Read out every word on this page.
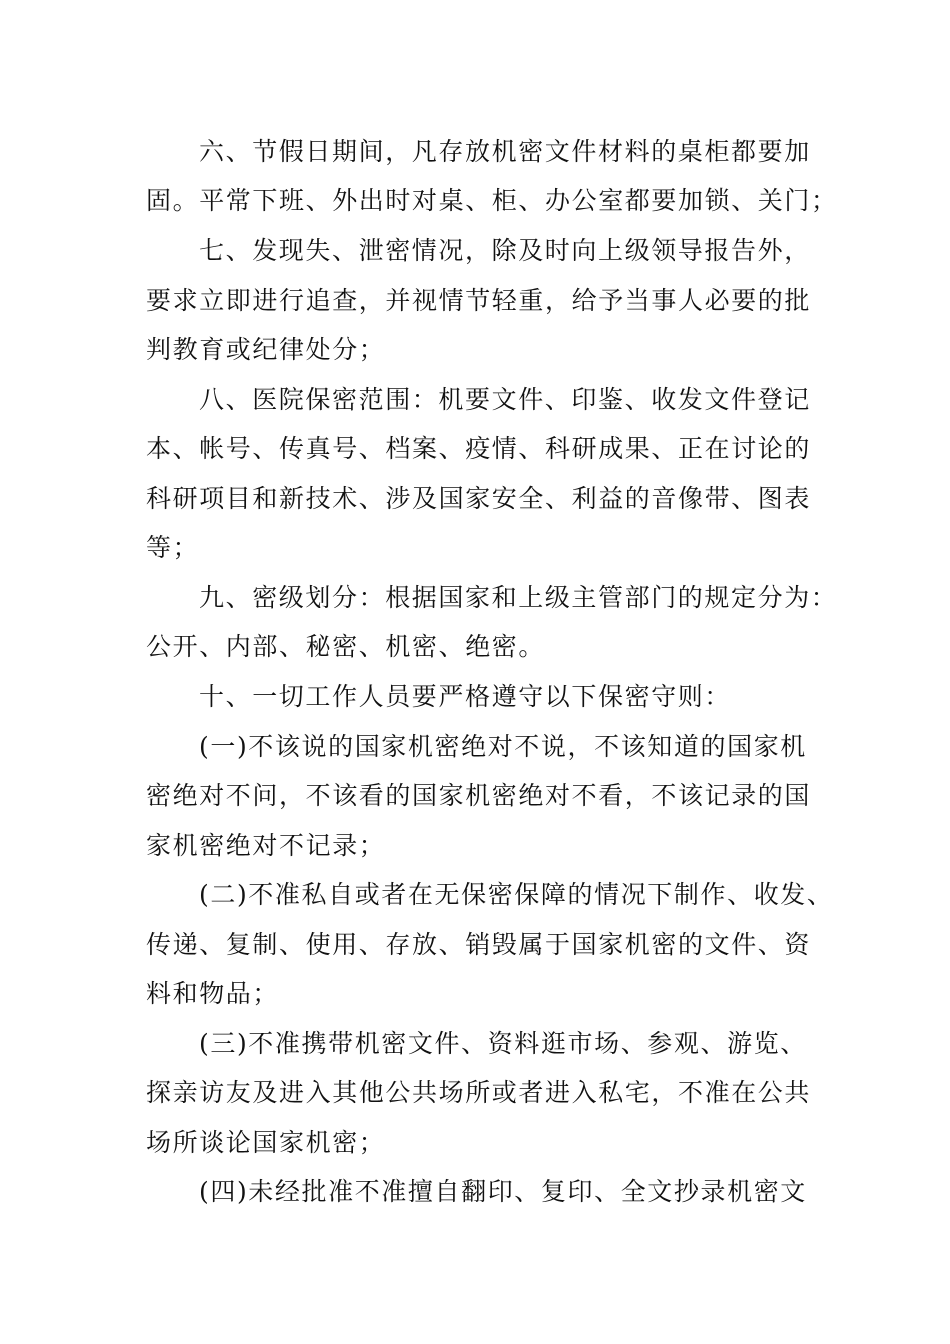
六、节假日期间，凡存放机密文件材料的桌柜都要加
固。平常下班、外出时对桌、柜、办公室都要加锁、关门；
七、发现失、泄密情况，除及时向上级领导报告外，
要求立即进行追查，并视情节轻重，给予当事人必要的批
判教育或纪律处分；
八、医院保密范围：机要文件、印鉴、收发文件登记
本、帐号、传真号、档案、疫情、科研成果、正在讨论的
科研项目和新技术、涉及国家安全、利益的音像带、图表
等；
九、密级划分：根据国家和上级主管部门的规定分为：
公开、内部、秘密、机密、绝密。
十、一切工作人员要严格遵守以下保密守则：
(一)不该说的国家机密绝对不说，不该知道的国家机
密绝对不问，不该看的国家机密绝对不看，不该记录的国
家机密绝对不记录；
(二)不准私自或者在无保密保障的情况下制作、收发、
传递、复制、使用、存放、销毁属于国家机密的文件、资
料和物品；
(三)不准携带机密文件、资料逛市场、参观、游览、
探亲访友及进入其他公共场所或者进入私宅，不准在公共
场所谈论国家机密；
(四)未经批准不准擅自翻印、复印、全文抄录机密文
